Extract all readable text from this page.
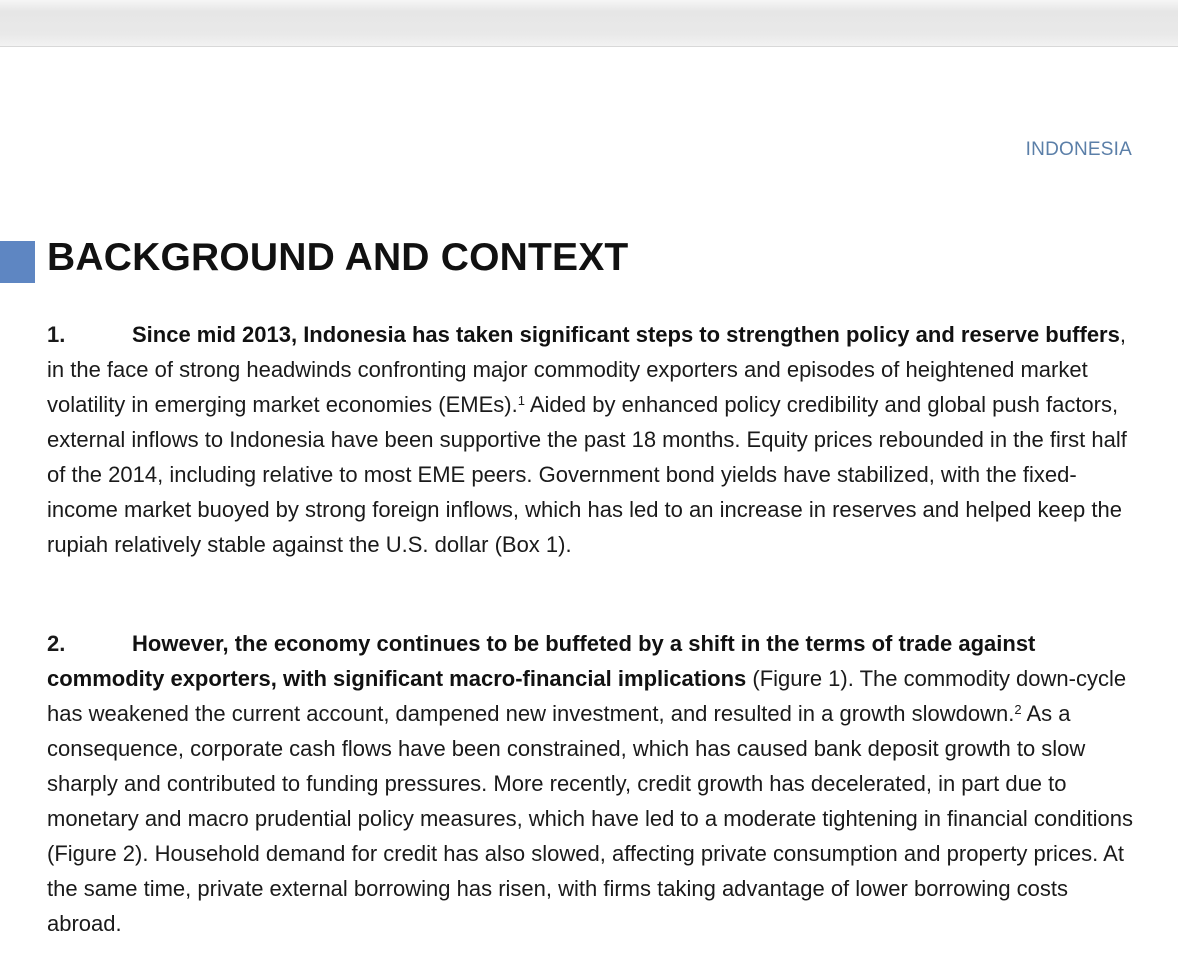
INDONESIA
BACKGROUND AND CONTEXT
1.	Since mid 2013, Indonesia has taken significant steps to strengthen policy and reserve buffers, in the face of strong headwinds confronting major commodity exporters and episodes of heightened market volatility in emerging market economies (EMEs).$^1$ Aided by enhanced policy credibility and global push factors, external inflows to Indonesia have been supportive the past 18 months. Equity prices rebounded in the first half of the 2014, including relative to most EME peers. Government bond yields have stabilized, with the fixed-income market buoyed by strong foreign inflows, which has led to an increase in reserves and helped keep the rupiah relatively stable against the U.S. dollar (Box 1).
2.	However, the economy continues to be buffeted by a shift in the terms of trade against commodity exporters, with significant macro-financial implications (Figure 1). The commodity down-cycle has weakened the current account, dampened new investment, and resulted in a growth slowdown.$^2$ As a consequence, corporate cash flows have been constrained, which has caused bank deposit growth to slow sharply and contributed to funding pressures. More recently, credit growth has decelerated, in part due to monetary and macro prudential policy measures, which have led to a moderate tightening in financial conditions (Figure 2). Household demand for credit has also slowed, affecting private consumption and property prices. At the same time, private external borrowing has risen, with firms taking advantage of lower borrowing costs abroad.
